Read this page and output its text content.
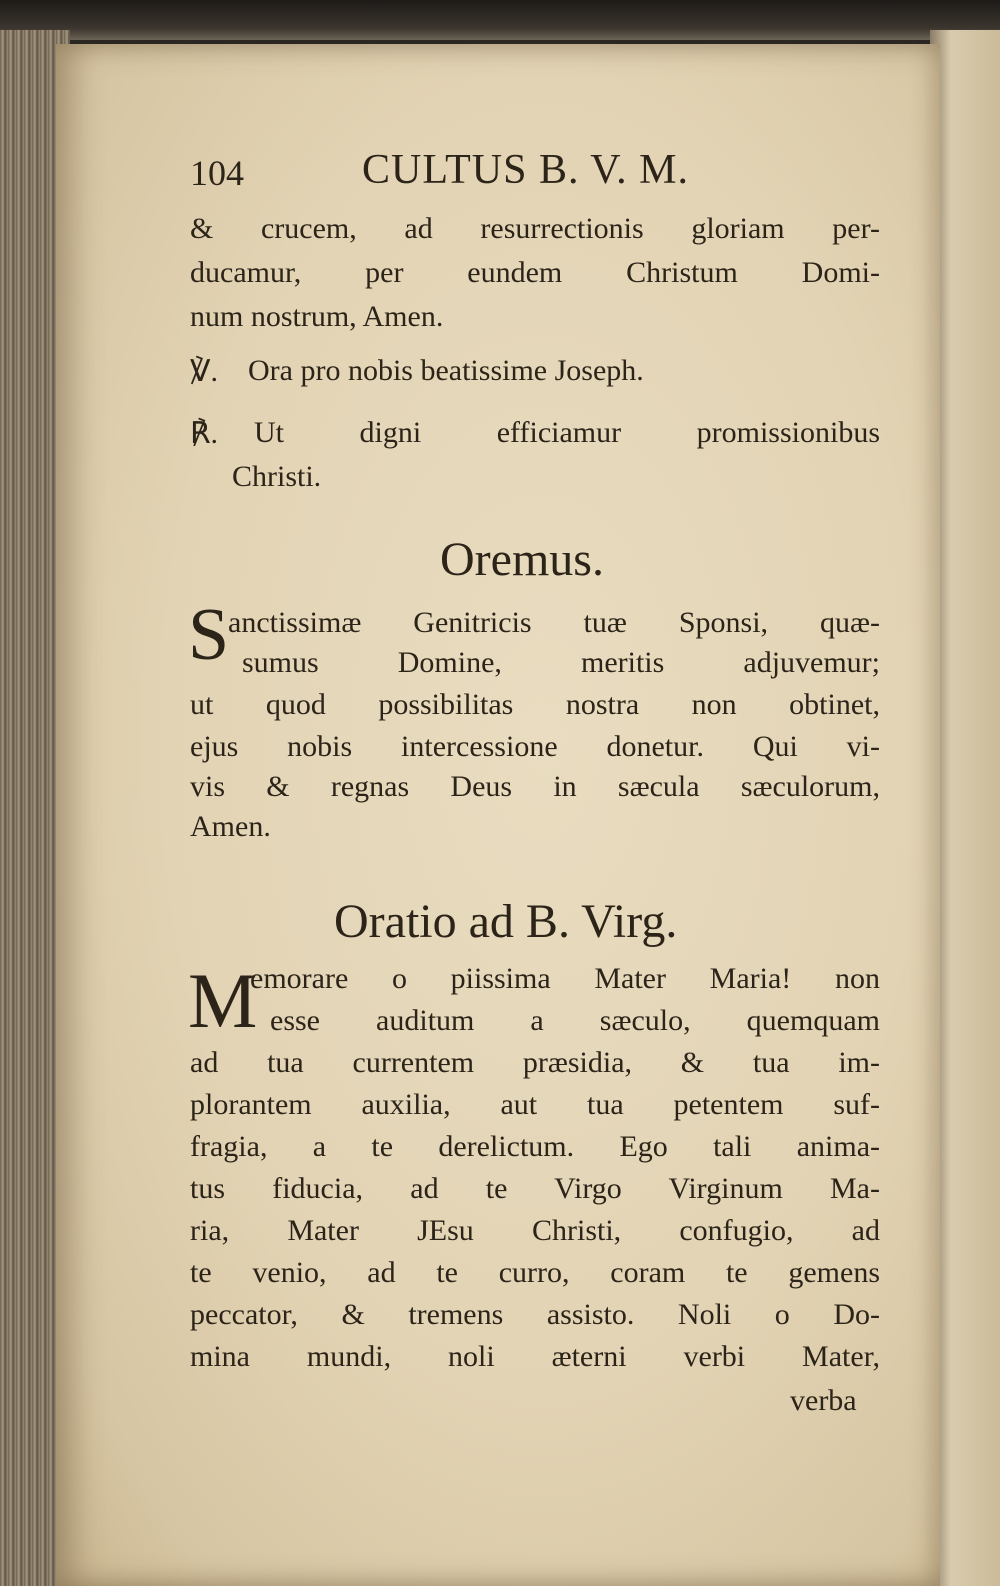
104	CULTUS B. V. M.
& crucem, ad resurrectionis gloriam per-
ducamur, per eundem Christum Domi-
num nostrum, Amen.
℣. Ora pro nobis beatissime Joseph.
℟. Ut digni efficiamur promissionibus
Christi.
Oremus.
S
anctissimæ Genitricis tuæ Sponsi, quæ-
sumus Domine, meritis adjuvemur;
ut quod possibilitas nostra non obtinet,
ejus nobis intercessione donetur. Qui vi-
vis & regnas Deus in sæcula sæculorum,
Amen.
Oratio ad B. Virg.
M
emorare o piissima Mater Maria! non
esse auditum a sæculo, quemquam
ad tua currentem præsidia, & tua im-
plorantem auxilia, aut tua petentem suf-
fragia, a te derelictum. Ego tali anima-
tus fiducia, ad te Virgo Virginum Ma-
ria, Mater JEsu Christi, confugio, ad
te venio, ad te curro, coram te gemens
peccator, & tremens assisto. Noli o Do-
mina mundi, noli æterni verbi Mater,
verba
